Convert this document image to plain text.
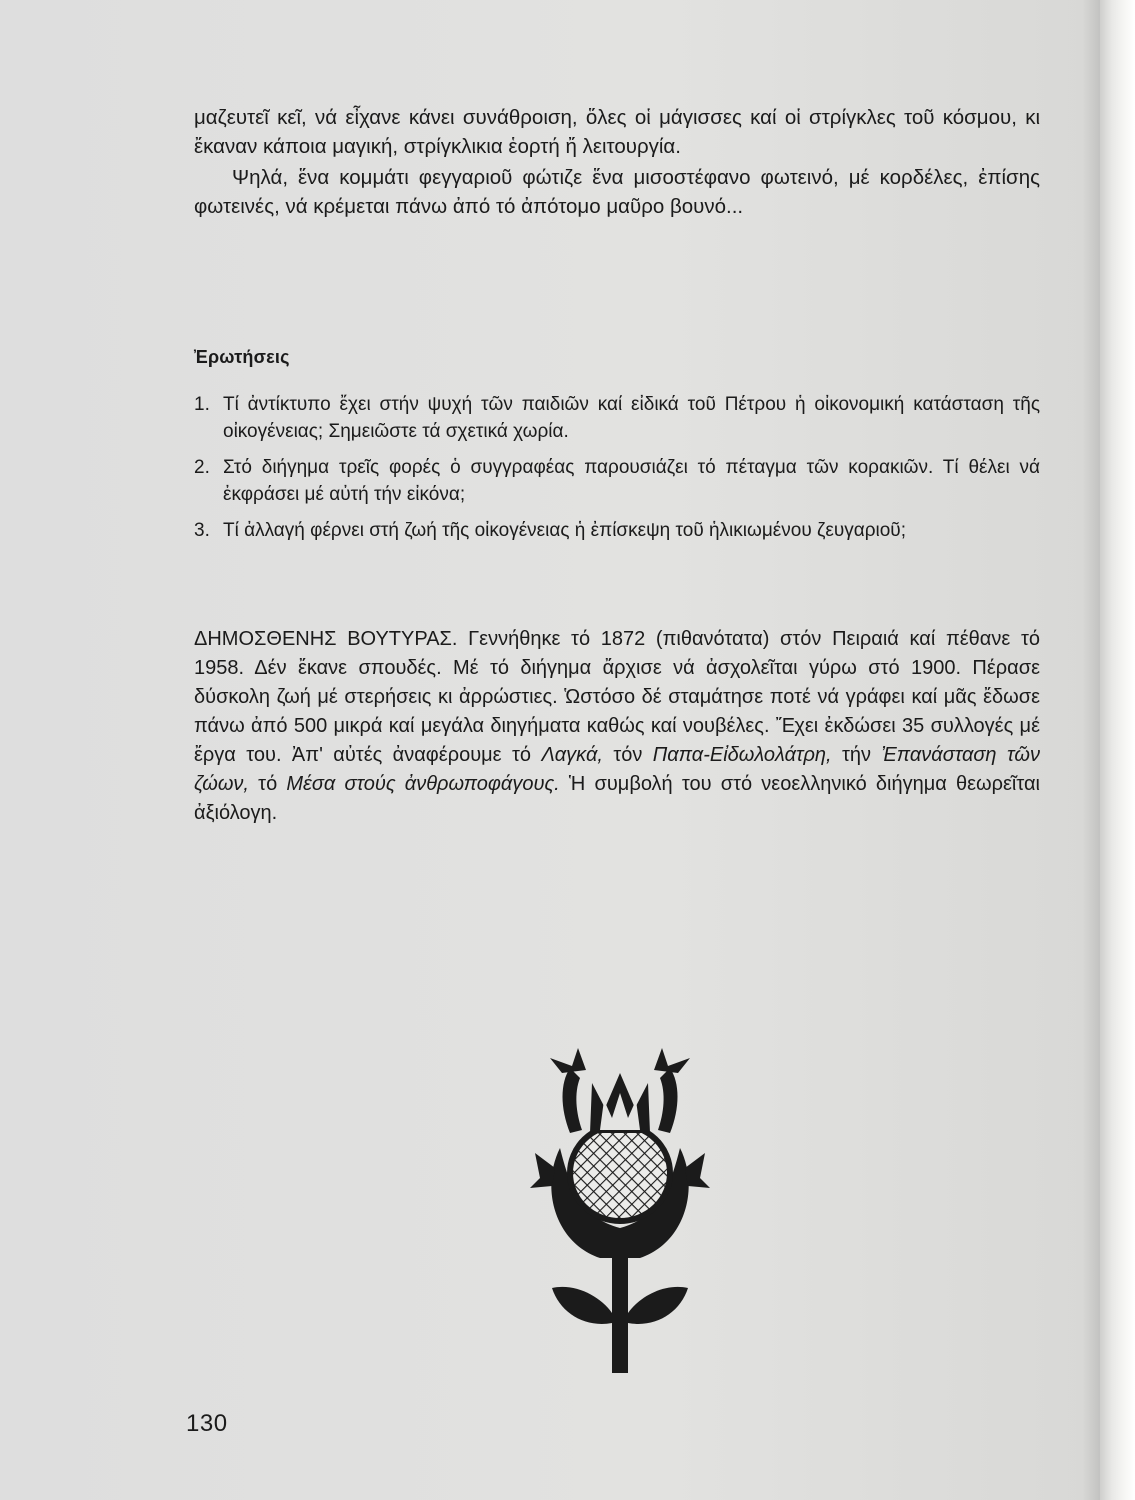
μαζευτεῖ κεῖ, νά εἶχανε κάνει συνάθροιση, ὅλες οἱ μάγισσες καί οἱ στρίγκλες τοῦ κόσμου, κι ἔκαναν κάποια μαγική, στρίγκλικια ἑορτή ἤ λειτουργία.

Ψηλά, ἕνα κομμάτι φεγγαριοῦ φώτιζε ἕνα μισοστέφανο φωτεινό, μέ κορδέλες, ἐπίσης φωτεινές, νά κρέμεται πάνω ἀπό τό ἀπότομο μαῦρο βουνό...

Ἐρωτήσεις
1. Τί ἀντίκτυπο ἔχει στήν ψυχή τῶν παιδιῶν καί εἰδικά τοῦ Πέτρου ἡ οἰκονομική κατάσταση τῆς οἰκογένειας; Σημειῶστε τά σχετικά χωρία.
2. Στό διήγημα τρεῖς φορές ὁ συγγραφέας παρουσιάζει τό πέταγμα τῶν κορακιῶν. Τί θέλει νά ἐκφράσει μέ αὐτή τήν εἰκόνα;
3. Τί ἀλλαγή φέρνει στή ζωή τῆς οἰκογένειας ἡ ἐπίσκεψη τοῦ ἡλικιωμένου ζευγαριοῦ;

ΔΗΜΟΣΘΕΝΗΣ ΒΟΥΤΥΡΑΣ. Γεννήθηκε τό 1872 (πιθανότατα) στόν Πειραιά καί πέθανε τό 1958. Δέν ἔκανε σπουδές. Μέ τό διήγημα ἄρχισε νά ἀσχολεῖται γύρω στό 1900. Πέρασε δύσκολη ζωή μέ στερήσεις κι ἀρρώστιες. Ὡστόσο δέ σταμάτησε ποτέ νά γράφει καί μᾶς ἔδωσε πάνω ἀπό 500 μικρά καί μεγάλα διηγήματα καθώς καί νουβέλες. Ἔχει ἐκδώσει 35 συλλογές μέ ἔργα του. Ἀπ' αὐτές ἀναφέρουμε τό Λαγκά, τόν Παπα-Εἰδωλολάτρη, τήν Ἐπανάσταση τῶν ζώων, τό Μέσα στούς ἀνθρωποφάγους. Ἡ συμβολή του στό νεοελληνικό διήγημα θεωρεῖται ἀξιόλογη.

130
